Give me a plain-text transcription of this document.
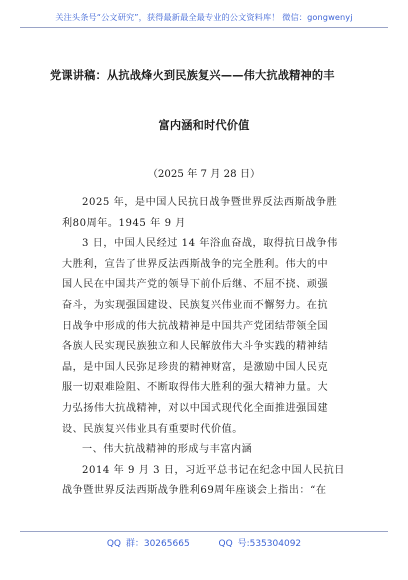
关注头条号“公文研究”，获得最新最全最专业的公文资料库！ 微信：gongwenyj
党课讲稿：从抗战烽火到民族复兴——伟大抗战精神的丰
富内涵和时代价值
（2025 年 7 月 28 日）
2025 年，是中国人民抗日战争暨世界反法西斯战争胜
利80周年。1945 年 9 月
3 日，中国人民经过 14 年浴血奋战，取得抗日战争伟
大胜利，宣告了世界反法西斯战争的完全胜利。伟大的中
国人民在中国共产党的领导下前仆后继、不屈不挠、顽强
奋斗，为实现强国建设、民族复兴伟业而不懈努力。在抗
日战争中形成的伟大抗战精神是中国共产党团结带领全国
各族人民实现民族独立和人民解放伟大斗争实践的精神结
晶，是中国人民弥足珍贵的精神财富，是激励中国人民克
服一切艰难险阻、不断取得伟大胜利的强大精神力量。大
力弘扬伟大抗战精神，对以中国式现代化全面推进强国建
设、民族复兴伟业具有重要时代价值。
一、伟大抗战精神的形成与丰富内涵
2014 年 9 月 3 日，习近平总书记在纪念中国人民抗日
战争暨世界反法西斯战争胜利69周年座谈会上指出：“在
QQ 群：30265665	QQ 号:535304092
